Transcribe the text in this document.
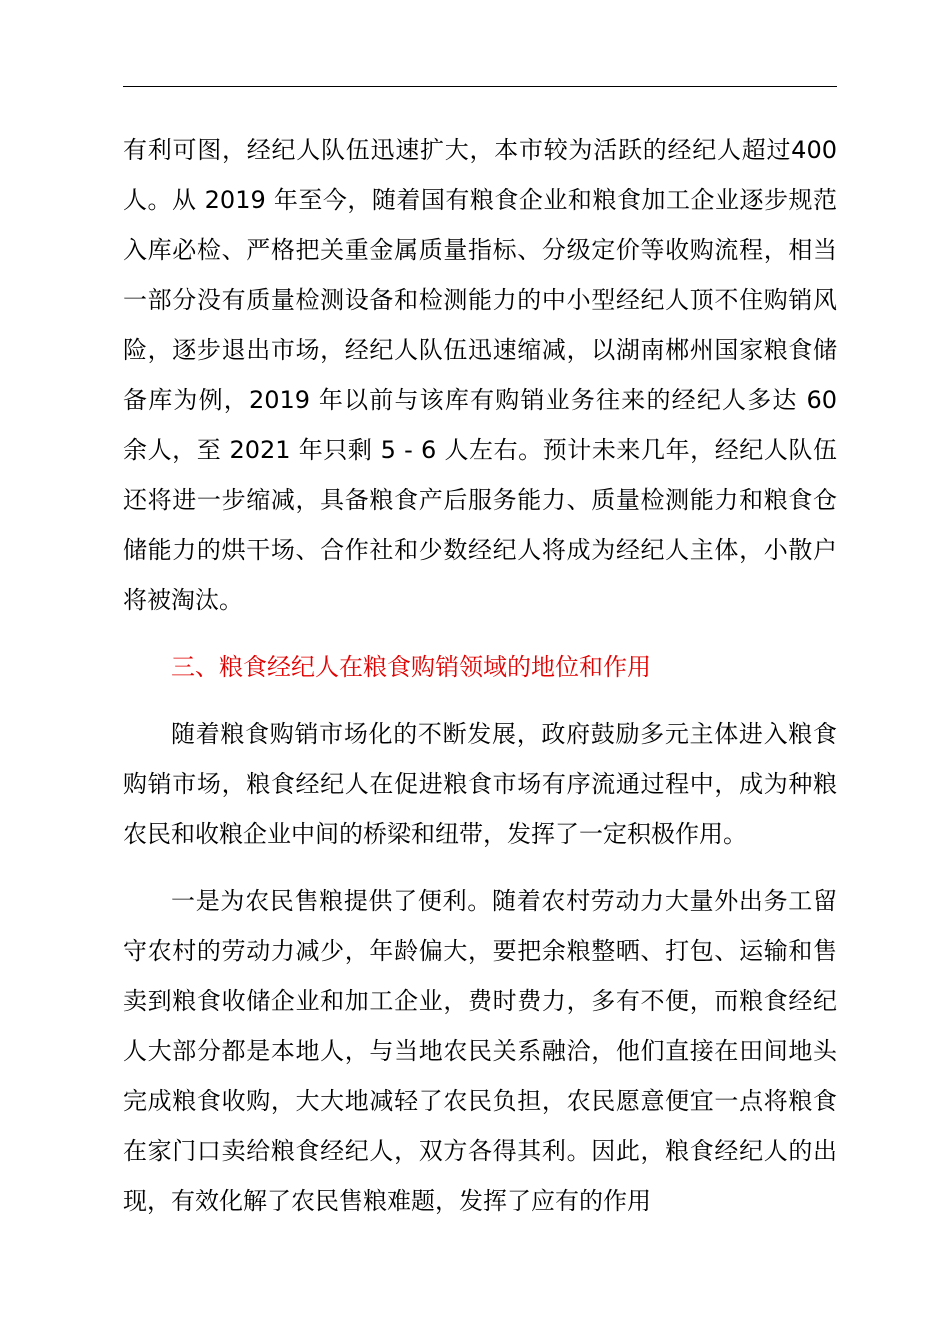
有利可图，经纪人队伍迅速扩大，本市较为活跃的经纪人超过400 人。从 2019 年至今，随着国有粮食企业和粮食加工企业逐步规范入库必检、严格把关重金属质量指标、分级定价等收购流程，相当一部分没有质量检测设备和检测能力的中小型经纪人顶不住购销风险，逐步退出市场，经纪人队伍迅速缩减，以湖南郴州国家粮食储备库为例，2019 年以前与该库有购销业务往来的经纪人多达 60 余人，至 2021 年只剩 5 - 6 人左右。预计未来几年，经纪人队伍还将进一步缩减，具备粮食产后服务能力、质量检测能力和粮食仓储能力的烘干场、合作社和少数经纪人将成为经纪人主体，小散户将被淘汰。

三、粮食经纪人在粮食购销领域的地位和作用

随着粮食购销市场化的不断发展，政府鼓励多元主体进入粮食购销市场，粮食经纪人在促进粮食市场有序流通过程中，成为种粮农民和收粮企业中间的桥梁和纽带，发挥了一定积极作用。

一是为农民售粮提供了便利。随着农村劳动力大量外出务工留守农村的劳动力减少，年龄偏大，要把余粮整晒、打包、运输和售卖到粮食收储企业和加工企业，费时费力，多有不便，而粮食经纪人大部分都是本地人，与当地农民关系融洽，他们直接在田间地头完成粮食收购，大大地减轻了农民负担，农民愿意便宜一点将粮食在家门口卖给粮食经纪人，双方各得其利。因此，粮食经纪人的出现，有效化解了农民售粮难题，发挥了应有的作用
